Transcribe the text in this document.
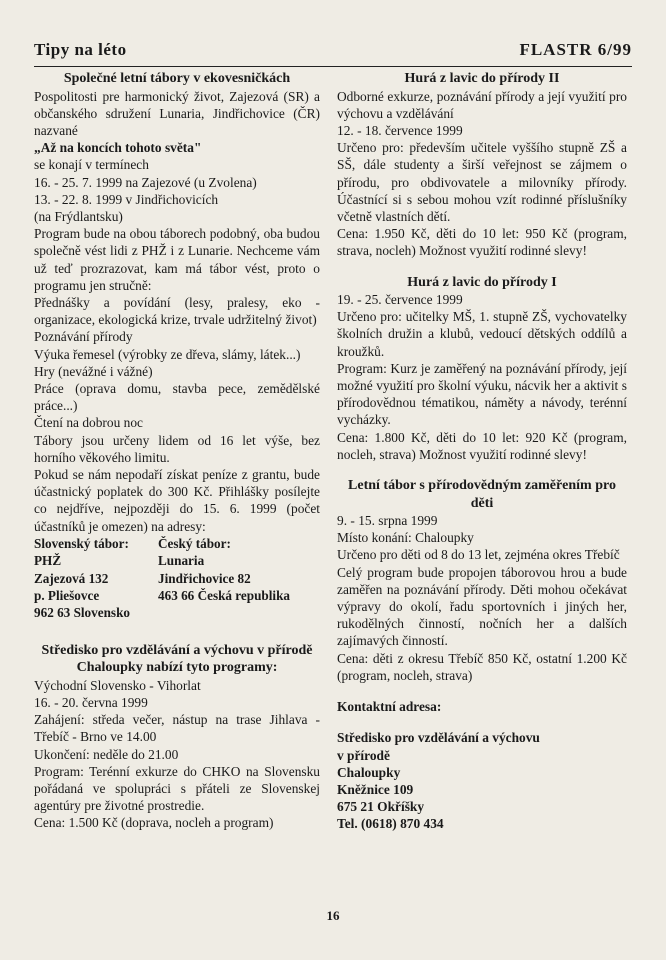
Tipy na léto	FLASTR 6/99

Společné letní tábory v ekovesničkách

Pospolitosti pre harmonický život, Zajezová (SR) a občanského sdružení Lunaria, Jindřichovice (ČR) nazvané

„Až na koncích tohoto světa"

se konají v termínech

16. - 25. 7. 1999 na Zajezové (u Zvolena)

13. - 22. 8. 1999 v Jindřichovicích

(na Frýdlantsku)

Program bude na obou táborech podobný, oba budou společně vést lidi z PHŽ i z Lunarie. Nechceme vám už teď prozrazovat, kam má tábor vést, proto o programu jen stručně:

Přednášky a povídání (lesy, pralesy, eko - organizace, ekologická krize, trvale udržitelný život)

Poznávání přírody

Výuka řemesel (výrobky ze dřeva, slámy, látek...)

Hry (nevážné i vážné)

Práce (oprava domu, stavba pece, zemědělské práce...)

Čtení na dobrou noc

Tábory jsou určeny lidem od 16 let výše, bez horního věkového limitu.

Pokud se nám nepodaří získat peníze z grantu, bude účastnický poplatek do 300 Kč. Přihlášky posílejte co nejdříve, nejpozději do 15. 6. 1999 (počet účastníků je omezen) na adresy:

Slovenský tábor:
PHŽ
Zajezová 132
p. Pliešovce
962 63 Slovensko
Český tábor:
Lunaria
Jindřichovice 82
463 66 Česká republika

Středisko pro vzdělávání a výchovu v přírodě Chaloupky nabízí tyto programy:

Východní Slovensko - Vihorlat

16. - 20. června 1999

Zahájení: středa večer, nástup na trase Jihlava - Třebíč - Brno ve 14.00

Ukončení: neděle do 21.00

Program: Terénní exkurze do CHKO na Slovensku pořádaná ve spolupráci s přáteli ze Slovenskej agentúry pre životné prostredie.

Cena: 1.500 Kč (doprava, nocleh a program)

Hurá z lavic do přírody II

Odborné exkurze, poznávání přírody a její využití pro výchovu a vzdělávání

12. - 18. července 1999

Určeno pro: především učitele vyššího stupně ZŠ a SŠ, dále studenty a širší veřejnost se zájmem o přírodu, pro obdivovatele a milovníky přírody. Účastnící si s sebou mohou vzít rodinné příslušníky včetně vlastních dětí.

Cena: 1.950 Kč, děti do 10 let: 950 Kč (program, strava, nocleh) Možnost využití rodinné slevy!

Hurá z lavic do přírody I

19. - 25. července 1999

Určeno pro: učitelky MŠ, 1. stupně ZŠ, vychovatelky školních družin a klubů, vedoucí dětských oddílů a kroužků.

Program: Kurz je zaměřený na poznávání přírody, její možné využití pro školní výuku, nácvik her a aktivit s přírodovědnou tématikou, náměty a návody, terénní vycházky.

Cena: 1.800 Kč, děti do 10 let: 920 Kč (program, nocleh, strava) Možnost využití rodinné slevy!

Letní tábor s přírodovědným zaměřením pro děti

9. - 15. srpna 1999

Místo konání: Chaloupky

Určeno pro děti od 8 do 13 let, zejména okres Třebíč

Celý program bude propojen táborovou hrou a bude zaměřen na poznávání přírody. Děti mohou očekávat výpravy do okolí, řadu sportovních i jiných her, rukodělných činností, nočních her a dalších zajímavých činností.

Cena: děti z okresu Třebíč 850 Kč, ostatní 1.200 Kč (program, nocleh, strava)

Kontaktní adresa:

Středisko pro vzdělávání a výchovu

v přírodě

Chaloupky

Kněžnice 109

675 21 Okříšky

Tel. (0618) 870 434

16
